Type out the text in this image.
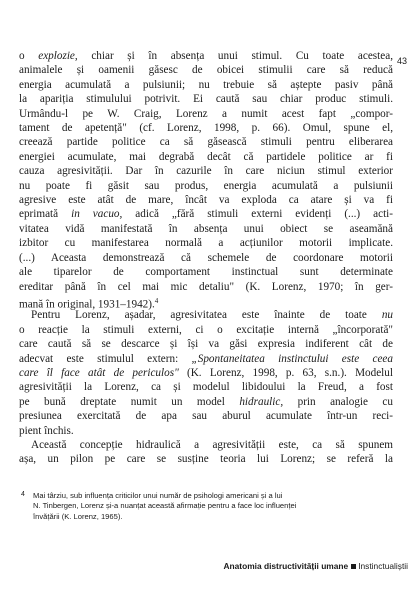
43
o explozie, chiar și în absența unui stimul. Cu toate acestea,
animalele și oamenii găsesc de obicei stimulii care să reducă
energia acumulată a pulsiunii; nu trebuie să aștepte pasiv până
la apariția stimulului potrivit. Ei caută sau chiar produc stimuli.
Urmându-l pe W. Craig, Lorenz a numit acest fapt „compor-
tament de apetență" (cf. Lorenz, 1998, p. 66). Omul, spune el,
creează partide politice ca să găsească stimuli pentru eliberarea
energiei acumulate, mai degrabă decât că partidele politice ar fi
cauza agresivității. Dar în cazurile în care niciun stimul exterior
nu poate fi găsit sau produs, energia acumulată a pulsiunii
agresive este atât de mare, încât va exploda ca atare și va fi
eprimată in vacuo, adică „fără stimuli externi evidenți (...) acti-
vitatea vidă manifestată în absența unui obiect se aseamănă
izbitor cu manifestarea normală a acțiunilor motorii implicate.
(...) Aceasta demonstrează că schemele de coordonare motorii
ale tiparelor de comportament instinctual sunt determinate
ereditar până în cel mai mic detaliu" (K. Lorenz, 1970; în ger-
mană în original, 1931–1942).$^4$
Pentru Lorenz, așadar, agresivitatea este înainte de toate nu
o reacție la stimuli externi, ci o excitație internă „încorporată"
care caută să se descarce și își va găsi expresia indiferent cât de
adecvat este stimulul extern: „Spontaneitatea instinctului este ceea
care îl face atât de periculos" (K. Lorenz, 1998, p. 63, s.n.). Modelul
agresivității la Lorenz, ca și modelul libidoului la Freud, a fost
pe bună dreptate numit un model hidraulic, prin analogie cu
presiunea exercitată de apa sau aburul acumulate într-un reci-
pient închis.
Această concepție hidraulică a agresivității este, ca să spunem
așa, un pilon pe care se susține teoria lui Lorenz; se referă la
4 Mai târziu, sub influența criticilor unui număr de psihologi americani și a lui
N. Tinbergen, Lorenz și-a nuanțat această afirmație pentru a face loc influenței
învățării (K. Lorenz, 1965).
Anatomia distructivității umane Instinctualiștii
